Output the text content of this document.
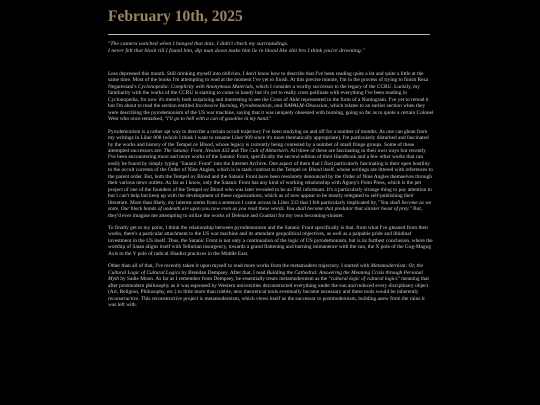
February 10th, 2025
"The camera watched when I banged that dotz, I didn't check my surroundings.
I never felt that block till I found him, dip man down make him lie in blood like shit bro I think you're drowning."

Less depressed this month. Still drinking myself into oblivion. I don't know how to describe that I've been reading quite a lot and quite a little at the same time. Most of the books I'm attempting to read at the moment I've yet to finish. At this precise minute, I'm in the process of trying to finish Reza Negarestani's Cyclonopedia: Complicity with Anonymous Materials, which I consider a worthy successor to the legacy of the CCRU. Luckily, my familiarity with the works of the CCRU is starting to come in handy but it's yet to really cross pollinate with everything I've been reading in Cyclonopedia, for now it's merely both surprising and interesting to see the Cross of Akht represented in the form of a Numogram. I've yet to reread it but I'm about to read the section entitled Incohesive Burning, Pyrodemonism, and NAPALM-Obsession, which relates to an earlier section when they were describing the pyrodemonism of the US war machine, saying that it was uniquely obsessed with burning, going so far as to quote a certain Colonel West who once remarked, "I'll go to hell with a can of gasoline in my hand."

Pyrodemonism is a rather apt way to describe a certain occult trajectory I've been studying on and off for a number of months. As one can glean from my writings in Liber 808 (which I think I want to rename Liber 909 since it's more thematically appropriate), I'm particularly disturbed and fascinated by the works and history of the Tempel ov Blood, whose legacy is currently being contested by a number of small fringe groups. Some of these attempted successors are: The Satanic Front, Nexion 433 and The Cult of Abbartach. All three of these are fascinating in their own ways but recently I've been encountering more and more works of the Satanic Front, specifically the second edition of their Handbook and a few other works that can easily be found by simply typing "Satanic Front" into the Internet Archive. One aspect of them that I find particularly fascinating is their open hostility to the occult currents of the Order of Nine Angles, which is in stark contrast to the Tempel ov Blood itself, whose writings are littered with references to the parent order. But, both the Tempel ov Blood and the Satanic Front have been resolutely denounced by the Order of Nine Angles themselves through their various news outlets. As far as I know, only the Satanic Front has any kind of working relationship with Agony's Point Press, which is the pet project of one of the founders of the Tempel ov Blood who was later revealed to be an FBI informant. It's a particularly strange thing to pay attention to but I can't help but keep up with the development of these organizations, which as of now appear to be mostly relegated to self-publishing their literature. More than likely, my interest stems from a sentence I came across in Liber 333 that I felt particularly implicated by, "You shall become as we state. Our black hands of undeath are upon you now even as you read these words. You shall become that predator that sinister beast of prey." But, they'd ever imagine me attempting to utilize the works of Deleuze and Guattari for my own becoming-sinister.

To finally get to my point, I think the relationship between pyrodemonism and the Satanic Front specifically is that, from what I've gleaned from their works, there's a particular attachment to the US war machine and its attendant geopolitical objectives, as well as a palpable pride and libidinal investment in the US itself. Thus, the Satanic Front is not only a continuation of the logic of US pyrodemonism, but is its furthest conclusion, where the worship of Satan aligns itself with Tellurian insurgency, towards a grand flattening and burning immanence with the sun, the X pole of the Gog-Magog Axis to the Y pole of radical Jihadist practices in the Middle East.

Other than all of that, I've recently taken it upon myself to read more works from the metamodern trajectory. I started with Metamodernism: Or, the Cultural Logic of Cultural Logics by Brendan Dempsey. After that, I read Building the Cathedral: Answering the Meaning Crisis through Personal Myth by Sadie Moon. As far as I remember from Dempsey, he essentially treats metamodernism as the "cultural logic of cultural logics" meaning that after postmodern philosophy as it was espoused by Western universities deconstructed everything under the sun and reduced every disciplinary object (Art, Religion, Philosophy, etc.) to little more than rubble, new theoretical tools eventually became necessary and these tools would be inherently reconstructive. This reconstructive project is metamodernism, which views itself as the successor to postmodernism, building anew from the ruins it was left with.
